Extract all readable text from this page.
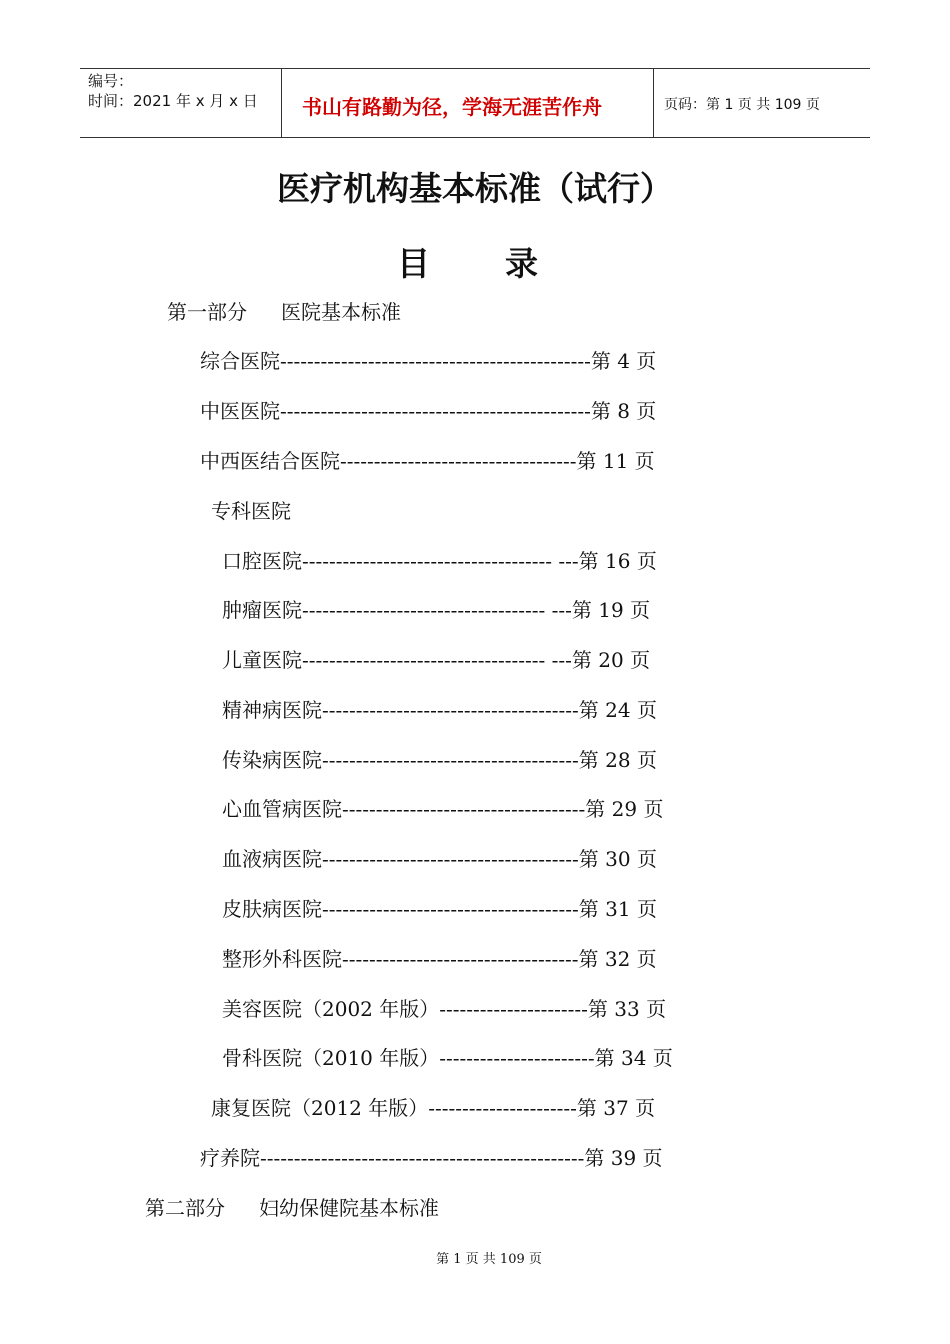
编号：
时间：2021 年 x 月 x 日	书山有路勤为径，学海无涯苦作舟	页码：第 1 页 共 109 页
医疗机构基本标准（试行）
目录
第一部分 医院基本标准
综合医院----------------------------------------------第 4 页
中医医院----------------------------------------------第 8 页
中西医结合医院-----------------------------------第 11 页
专科医院
口腔医院------------------------------------- ---第 16 页
肿瘤医院------------------------------------ ---第 19 页
儿童医院------------------------------------ ---第 20 页
精神病医院--------------------------------------第 24 页
传染病医院--------------------------------------第 28 页
心血管病医院------------------------------------第 29 页
血液病医院--------------------------------------第 30 页
皮肤病医院--------------------------------------第 31 页
整形外科医院-----------------------------------第 32 页
美容医院（2002 年版）----------------------第 33 页
骨科医院（2010 年版）-----------------------第 34 页
康复医院（2012 年版）----------------------第 37 页
疗养院------------------------------------------------第 39 页
第二部分 妇幼保健院基本标准
第 1 页 共 109 页
